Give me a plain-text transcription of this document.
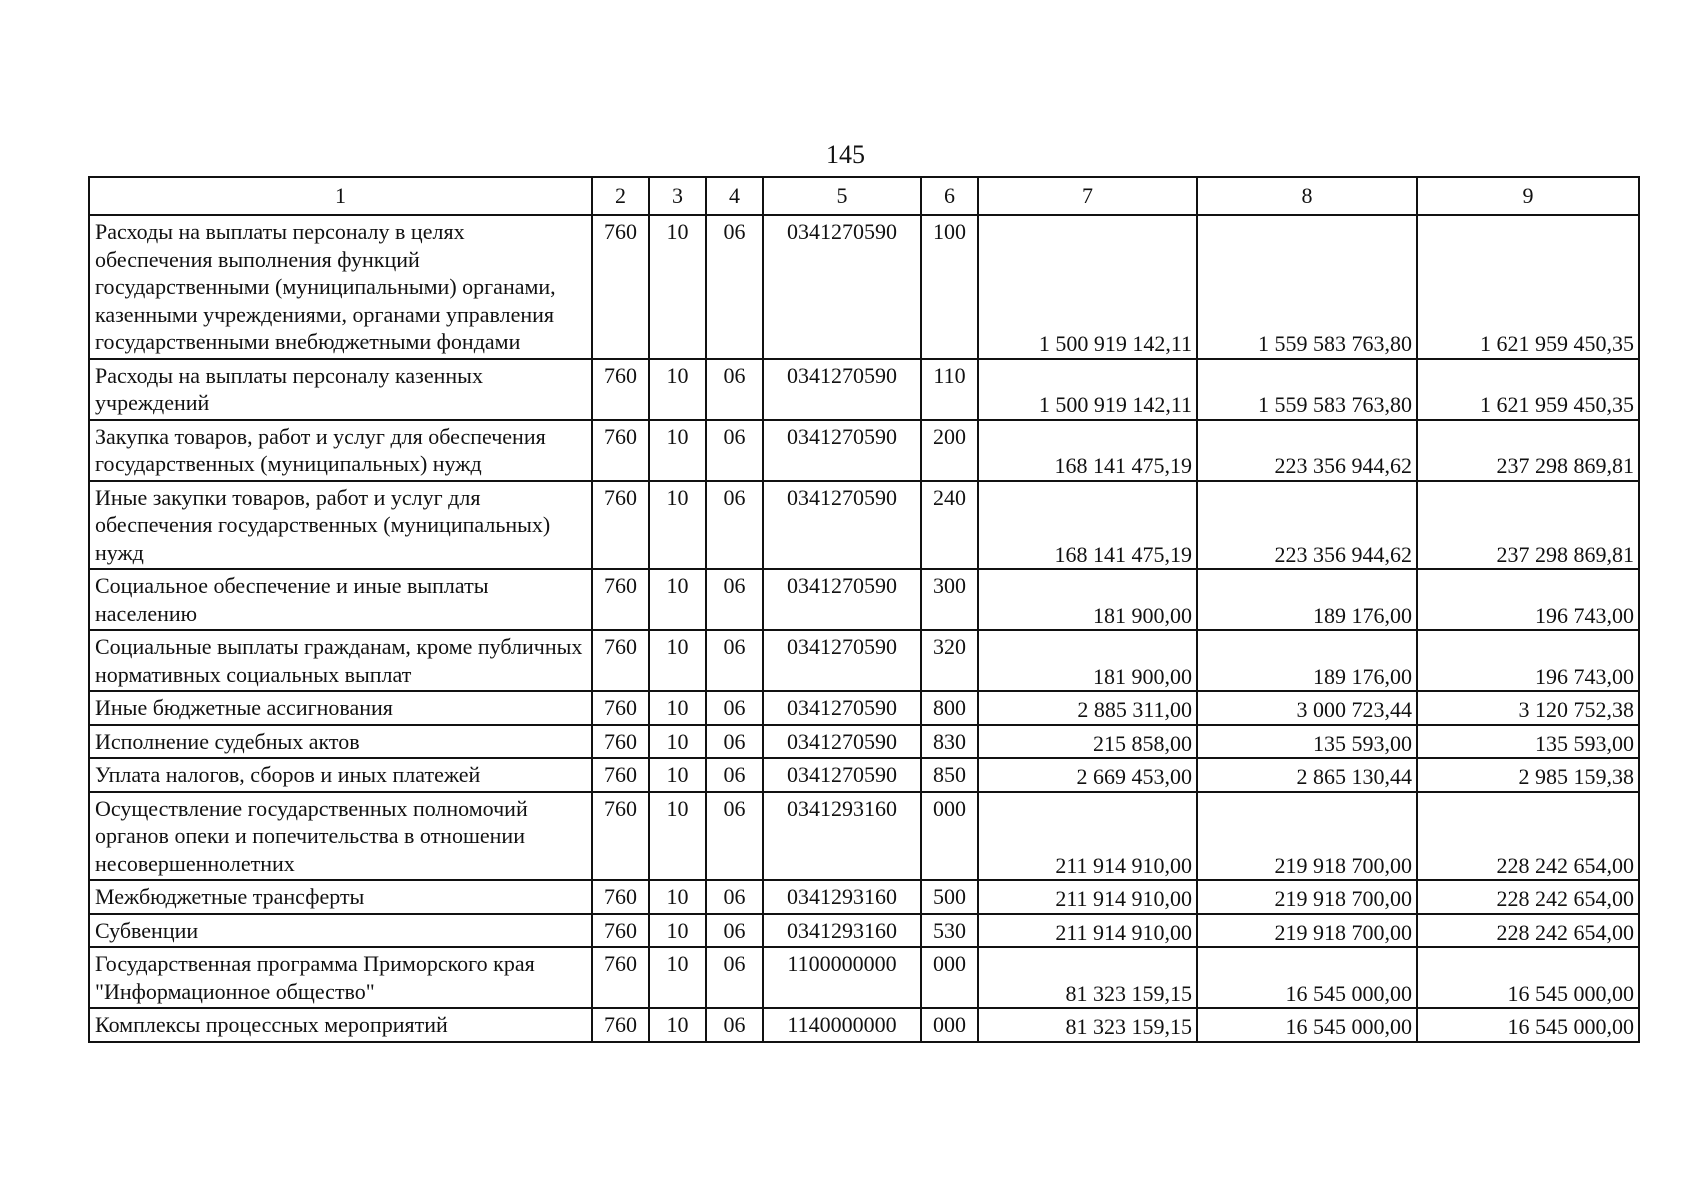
145
1	2	3	4	5	6	7	8	9
Расходы на выплаты персоналу в целях обеспечения выполнения функций государственными (муниципальными) органами, казенными учреждениями, органами управления государственными внебюджетными фондами	760	10	06	0341270590	100	1 500 919 142,11	1 559 583 763,80	1 621 959 450,35
Расходы на выплаты персоналу казенных учреждений	760	10	06	0341270590	110	1 500 919 142,11	1 559 583 763,80	1 621 959 450,35
Закупка товаров, работ и услуг для обеспечения государственных (муниципальных) нужд	760	10	06	0341270590	200	168 141 475,19	223 356 944,62	237 298 869,81
Иные закупки товаров, работ и услуг для обеспечения государственных (муниципальных) нужд	760	10	06	0341270590	240	168 141 475,19	223 356 944,62	237 298 869,81
Социальное обеспечение и иные выплаты населению	760	10	06	0341270590	300	181 900,00	189 176,00	196 743,00
Социальные выплаты гражданам, кроме публичных нормативных социальных выплат	760	10	06	0341270590	320	181 900,00	189 176,00	196 743,00
Иные бюджетные ассигнования	760	10	06	0341270590	800	2 885 311,00	3 000 723,44	3 120 752,38
Исполнение судебных актов	760	10	06	0341270590	830	215 858,00	135 593,00	135 593,00
Уплата налогов, сборов и иных платежей	760	10	06	0341270590	850	2 669 453,00	2 865 130,44	2 985 159,38
Осуществление государственных полномочий органов опеки и попечительства в отношении несовершеннолетних	760	10	06	0341293160	000	211 914 910,00	219 918 700,00	228 242 654,00
Межбюджетные трансферты	760	10	06	0341293160	500	211 914 910,00	219 918 700,00	228 242 654,00
Субвенции	760	10	06	0341293160	530	211 914 910,00	219 918 700,00	228 242 654,00
Государственная программа Приморского края "Информационное общество"	760	10	06	1100000000	000	81 323 159,15	16 545 000,00	16 545 000,00
Комплексы процессных мероприятий	760	10	06	1140000000	000	81 323 159,15	16 545 000,00	16 545 000,00
